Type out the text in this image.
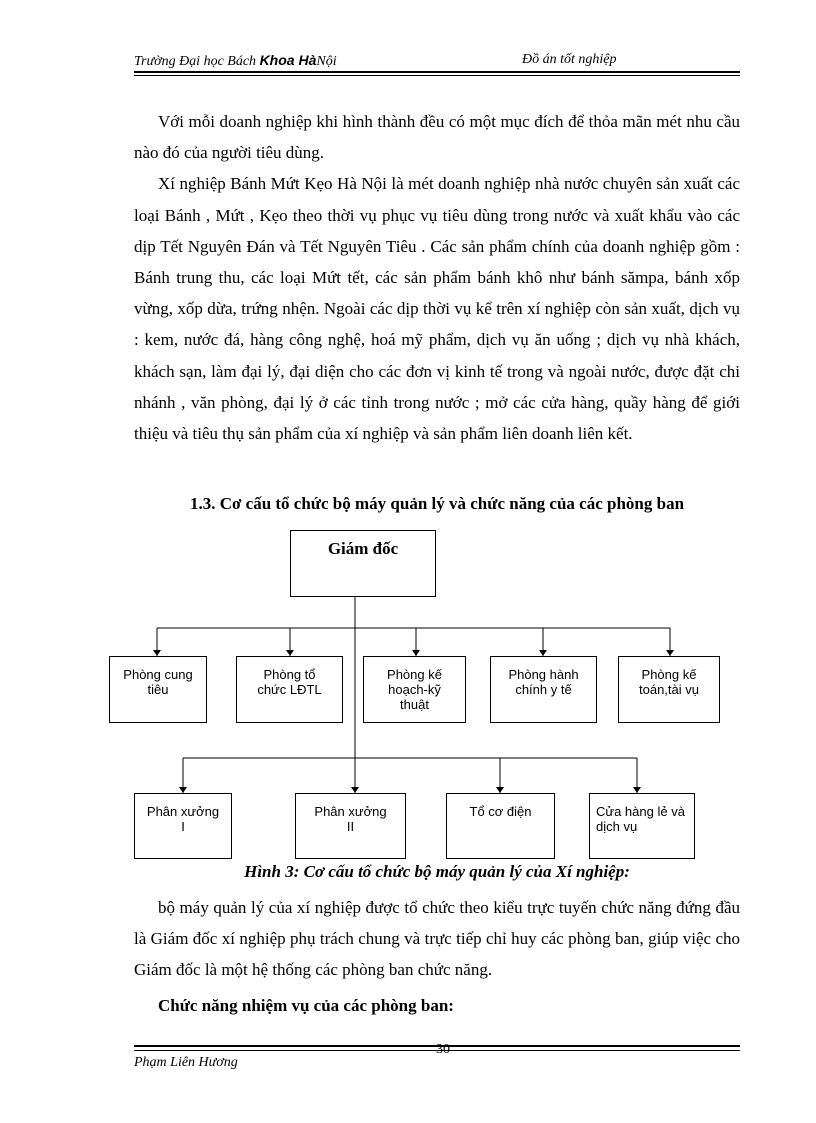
Trường Đại học Bách Khoa HàNội	Đồ án tốt nghiệp

Với mỗi doanh nghiệp khi hình thành đều có một mục đích để thỏa mãn mét nhu cầu nào đó của người tiêu dùng.

Xí nghiệp Bánh Mứt Kẹo Hà Nội là mét doanh nghiệp nhà nước chuyên sản xuất các loại Bánh , Mứt , Kẹo theo thời vụ phục vụ tiêu dùng trong nước và xuất khẩu vào các dịp Tết Nguyên Đán và Tết Nguyên Tiêu . Các sản phẩm chính của doanh nghiệp gồm : Bánh trung thu, các loại Mứt tết, các sản phẩm bánh khô như bánh sămpa, bánh xốp vừng, xốp dừa, trứng nhện. Ngoài các dịp thời vụ kể trên xí nghiệp còn sản xuất, dịch vụ : kem, nước đá, hàng công nghệ, hoá mỹ phẩm, dịch vụ ăn uống ; dịch vụ nhà khách, khách sạn, làm đại lý, đại diện cho các đơn vị kinh tế trong và ngoài nước, được đặt chi nhánh , văn phòng, đại lý ở các tỉnh trong nước ; mở các cửa hàng, quầy hàng để giới thiệu và tiêu thụ sản phẩm của xí nghiệp và sản phẩm liên doanh liên kết.

1.3. Cơ cấu tổ chức bộ máy quản lý và chức năng của các phòng ban
Giám đốc
Phòng cung tiêu
Phòng tổ chức LĐTL
Phòng kế hoạch-kỹ thuật
Phòng hành chính y tế
Phòng kế toán,tài vụ
Phân xưởng I
Phân xưởng II
Tổ cơ điện	Cửa hàng lẻ và dịch vụ
Hình 3: Cơ cấu tổ chức bộ máy quản lý của Xí nghiệp:

bộ máy quản lý của xí nghiệp được tổ chức theo kiểu trực tuyến chức năng đứng đầu là Giám đốc xí nghiệp phụ trách chung và trực tiếp chỉ huy các phòng ban, giúp việc cho Giám đốc là một hệ thống các phòng ban chức năng.

Chức năng nhiệm vụ của các phòng ban:

30
Phạm Liên Hương
